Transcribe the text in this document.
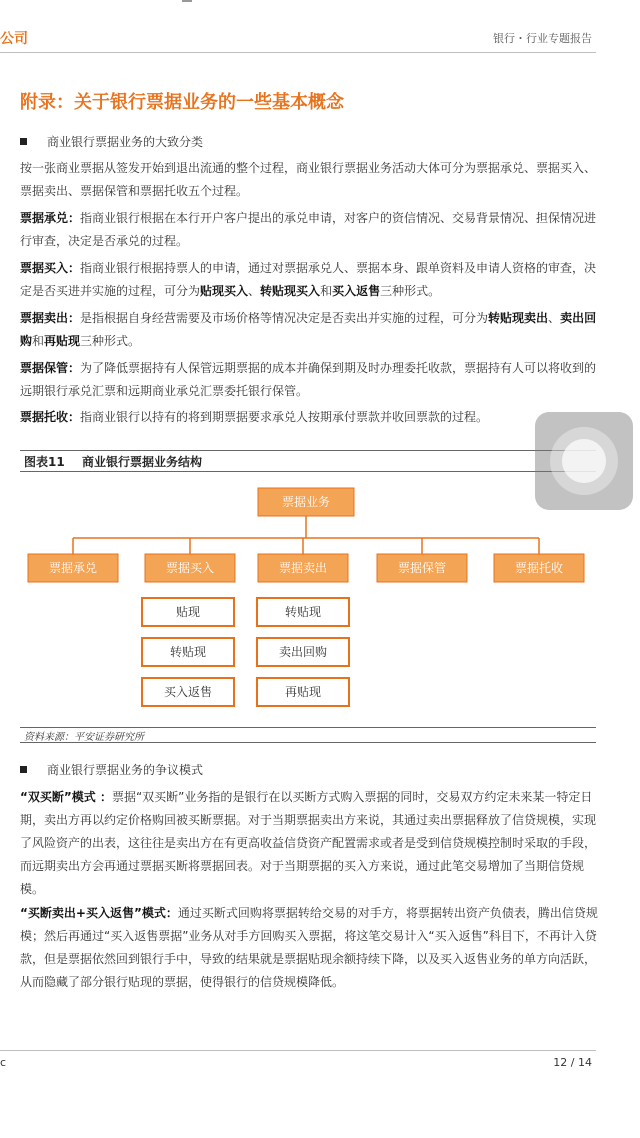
公司	银行・行业专题报告
附录：关于银行票据业务的一些基本概念
商业银行票据业务的大致分类

按一张商业票据从签发开始到退出流通的整个过程，商业银行票据业务活动大体可分为票据承兑、票据买入、票据卖出、票据保管和票据托收五个过程。

票据承兑：指商业银行根据在本行开户客户提出的承兑申请，对客户的资信情况、交易背景情况、担保情况进行审查，决定是否承兑的过程。

票据买入：指商业银行根据持票人的申请，通过对票据承兑人、票据本身、跟单资料及申请人资格的审查，决定是否买进并实施的过程，可分为贴现买入、转贴现买入和买入返售三种形式。

票据卖出：是指根据自身经营需要及市场价格等情况决定是否卖出并实施的过程，可分为转贴现卖出、卖出回购和再贴现三种形式。

票据保管：为了降低票据持有人保管远期票据的成本并确保到期及时办理委托收款，票据持有人可以将收到的远期银行承兑汇票和远期商业承兑汇票委托银行保管。

票据托收：指商业银行以持有的将到期票据要求承兑人按期承付票款并收回票款的过程。

图表11 商业银行票据业务结构
票据业务
票据承兑	票据买入	票据卖出	票据保管	票据托收
贴现
转贴现
买入返售
转贴现
卖出回购
再贴现
资料来源：平安证券研究所
商业银行票据业务的争议模式

“双买断”模式 ：票据“双买断”业务指的是银行在以买断方式购入票据的同时，交易双方约定未来某一特定日期，卖出方再以约定价格购回被买断票据。对于当期票据卖出方来说，其通过卖出票据释放了信贷规模，实现了风险资产的出表，这往往是卖出方在有更高收益信贷资产配置需求或者是受到信贷规模控制时采取的手段，而远期卖出方会再通过票据买断将票据回表。对于当期票据的买入方来说，通过此笔交易增加了当期信贷规模。

“买断卖出+买入返售”模式：通过买断式回购将票据转给交易的对手方，将票据转出资产负债表，腾出信贷规模；然后再通过“买入返售票据”业务从对手方回购买入票据，将这笔交易计入“买入返售”科目下，不再计入贷款，但是票据依然回到银行手中，导致的结果就是票据贴现余额持续下降，以及买入返售业务的单方向活跃，从而隐藏了部分银行贴现的票据，使得银行的信贷规模降低。

c	12 / 14
